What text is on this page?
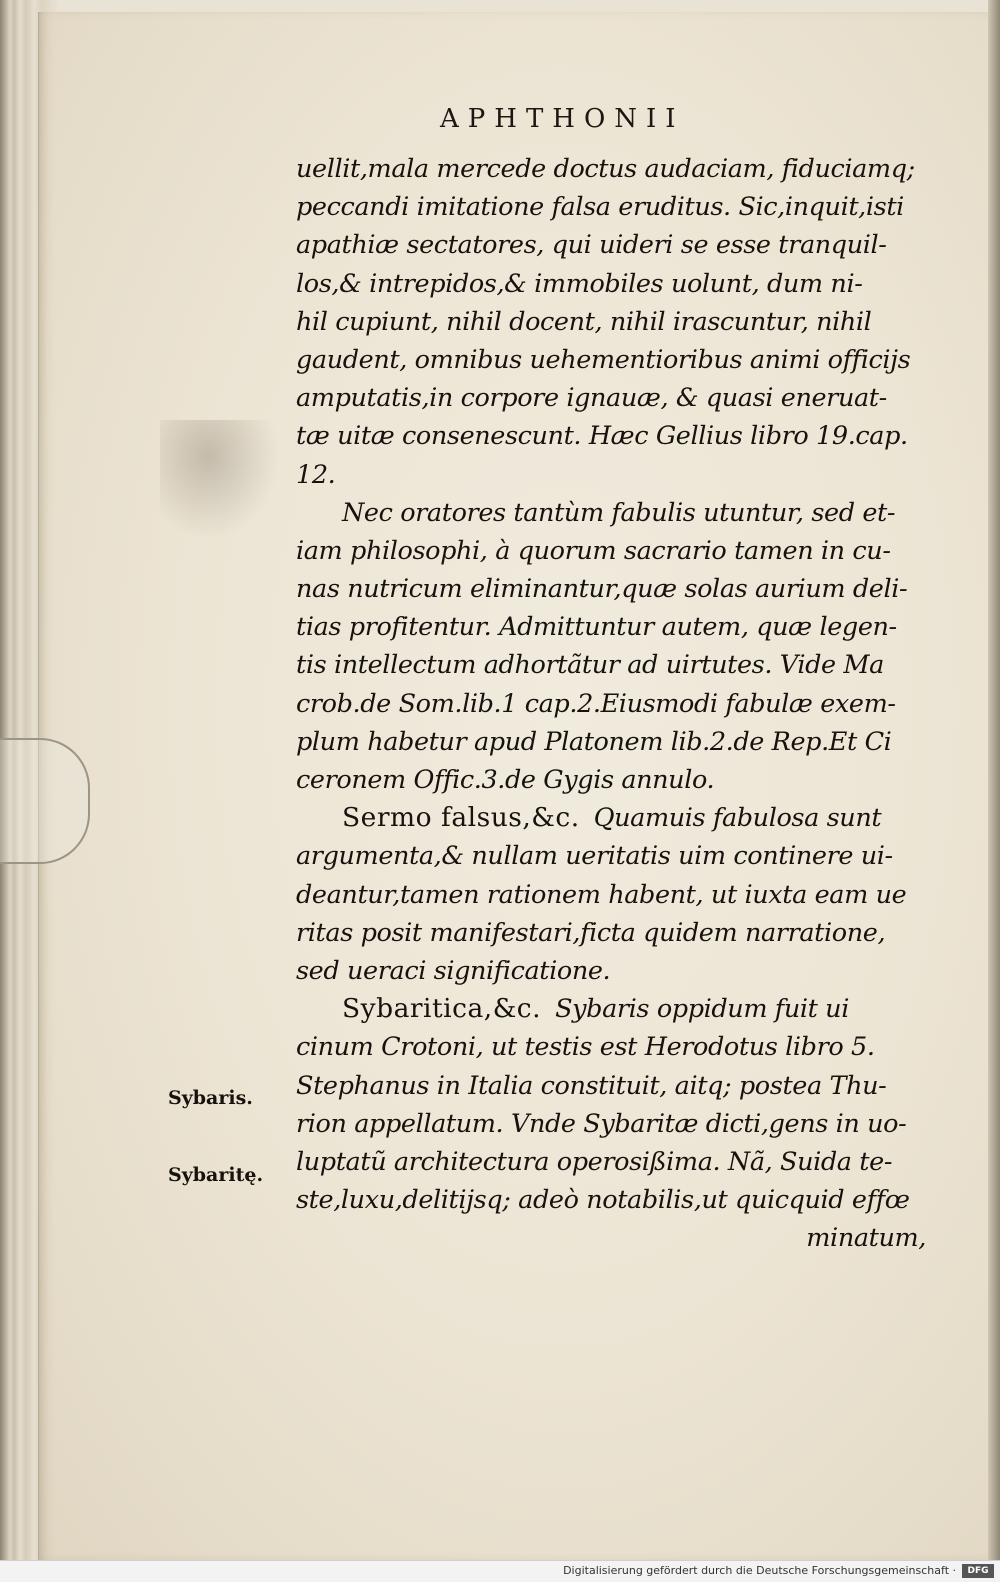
APHTHONII
uellit,mala mercede doctus audaciam, fiduciamq;
peccandi imitatione falsa eruditus. Sic,inquit,isti
apathiæ sectatores, qui uideri se esse tranquil-
los,& intrepidos,& immobiles uolunt, dum ni-
hil cupiunt, nihil docent, nihil irascuntur, nihil
gaudent, omnibus uehementioribus animi officijs
amputatis,in corpore ignauæ, & quasi eneruat-
tæ uitæ consenescunt. Hæc Gellius libro 19.cap.
12.
Nec oratores tantùm fabulis utuntur, sed et-
iam philosophi, à quorum sacrario tamen in cu-
nas nutricum eliminantur,quæ solas aurium deli-
tias profitentur. Admittuntur autem, quæ legen-
tis intellectum adhortãtur ad uirtutes. Vide Ma
crob.de Som.lib.1 cap.2.Eiusmodi fabulæ exem-
plum habetur apud Platonem lib.2.de Rep.Et Ci
ceronem Offic.3.de Gygis annulo.
Sermo falsus,&c. Quamuis fabulosa sunt
argumenta,& nullam ueritatis uim continere ui-
deantur,tamen rationem habent, ut iuxta eam ue
ritas posit manifestari,ficta quidem narratione,
sed ueraci significatione.
Sybaritica,&c. Sybaris oppidum fuit ui
cinum Crotoni, ut testis est Herodotus libro 5.
Stephanus in Italia constituit, aitq; postea Thu-
rion appellatum. Vnde Sybaritæ dicti,gens in uo-
luptatũ architectura operosißima. Nã, Suida te-
ste,luxu,delitijsq; adeò notabilis,ut quicquid effœ
minatum,
Sybaris.
Sybaritę.
Digitalisierung gefördert durch die Deutsche Forschungsgemeinschaft ·	DFG
